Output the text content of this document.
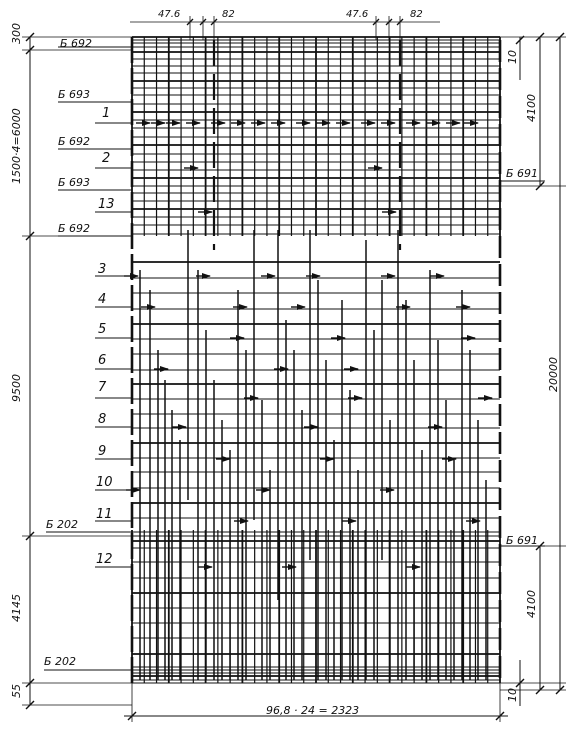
47.6	82	47.6	82
300
1500·4=6000
9500
4145
55
10
4100
20000
4100
10
96,8 · 24 = 2323
Б 692
Б 693
Б 692
Б 693
Б 692
Б 202
Б 202
Б 691
Б 691
1
2
13
3
4
5
6
7
8
9
10
11
12
